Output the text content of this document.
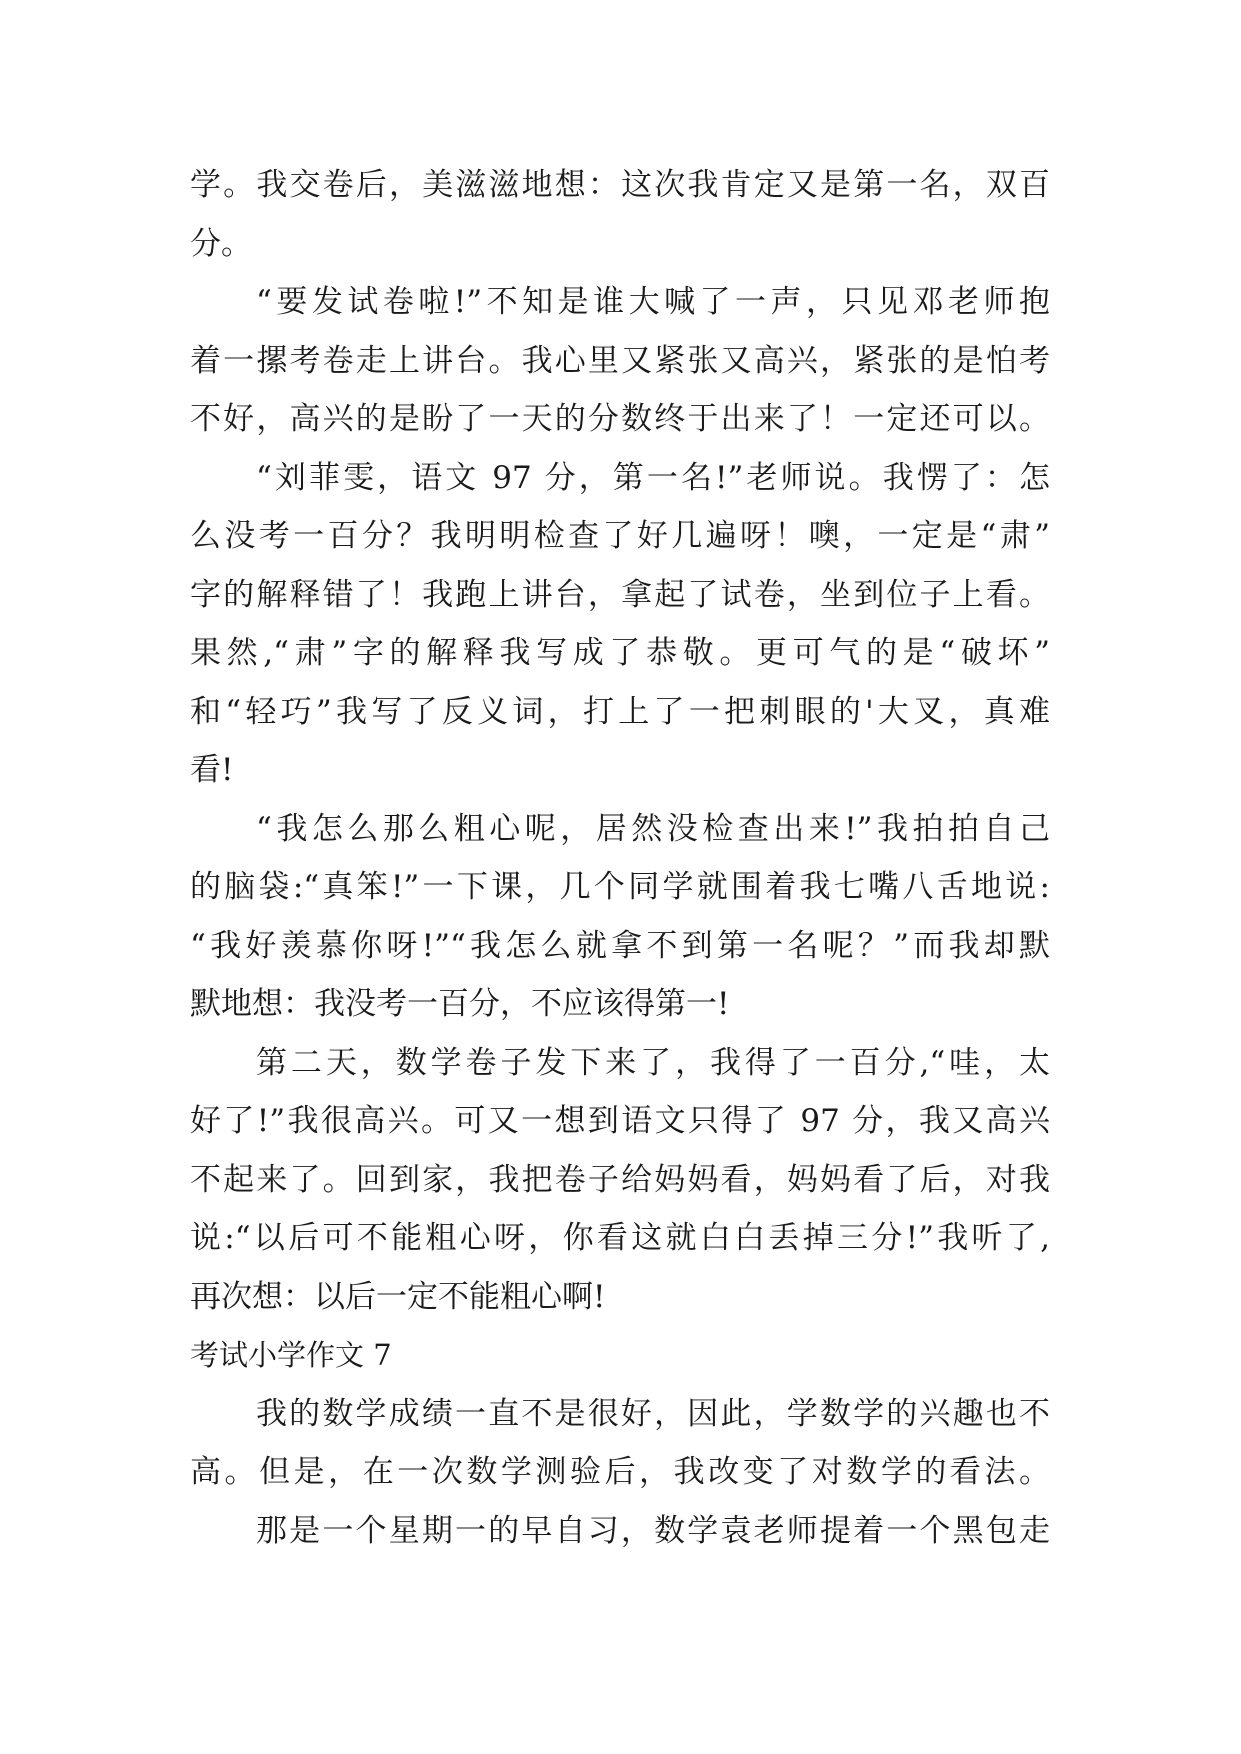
学。我交卷后，美滋滋地想：这次我肯定又是第一名，双百
分。
“要发试卷啦!”不知是谁大喊了一声，只见邓老师抱
着一摞考卷走上讲台。我心里又紧张又高兴，紧张的是怕考
不好，高兴的是盼了一天的分数终于出来了！一定还可以。
“刘菲雯，语文 97 分，第一名!”老师说。我愣了：怎
么没考一百分？我明明检查了好几遍呀！噢，一定是“肃”
字的解释错了！我跑上讲台，拿起了试卷，坐到位子上看。
果然,“肃”字的解释我写成了恭敬。更可气的是“破坏”
和“轻巧”我写了反义词，打上了一把刺眼的'大叉，真难
看!
“我怎么那么粗心呢，居然没检查出来!”我拍拍自己
的脑袋:“真笨!”一下课，几个同学就围着我七嘴八舌地说:
“我好羡慕你呀!”“我怎么就拿不到第一名呢？”而我却默
默地想：我没考一百分，不应该得第一!
第二天，数学卷子发下来了，我得了一百分,“哇，太
好了!”我很高兴。可又一想到语文只得了 97 分，我又高兴
不起来了。回到家，我把卷子给妈妈看，妈妈看了后，对我
说:“以后可不能粗心呀，你看这就白白丢掉三分!”我听了,
再次想：以后一定不能粗心啊!
考试小学作文 7
我的数学成绩一直不是很好，因此，学数学的兴趣也不
高。但是，在一次数学测验后，我改变了对数学的看法。
那是一个星期一的早自习，数学袁老师提着一个黑包走
